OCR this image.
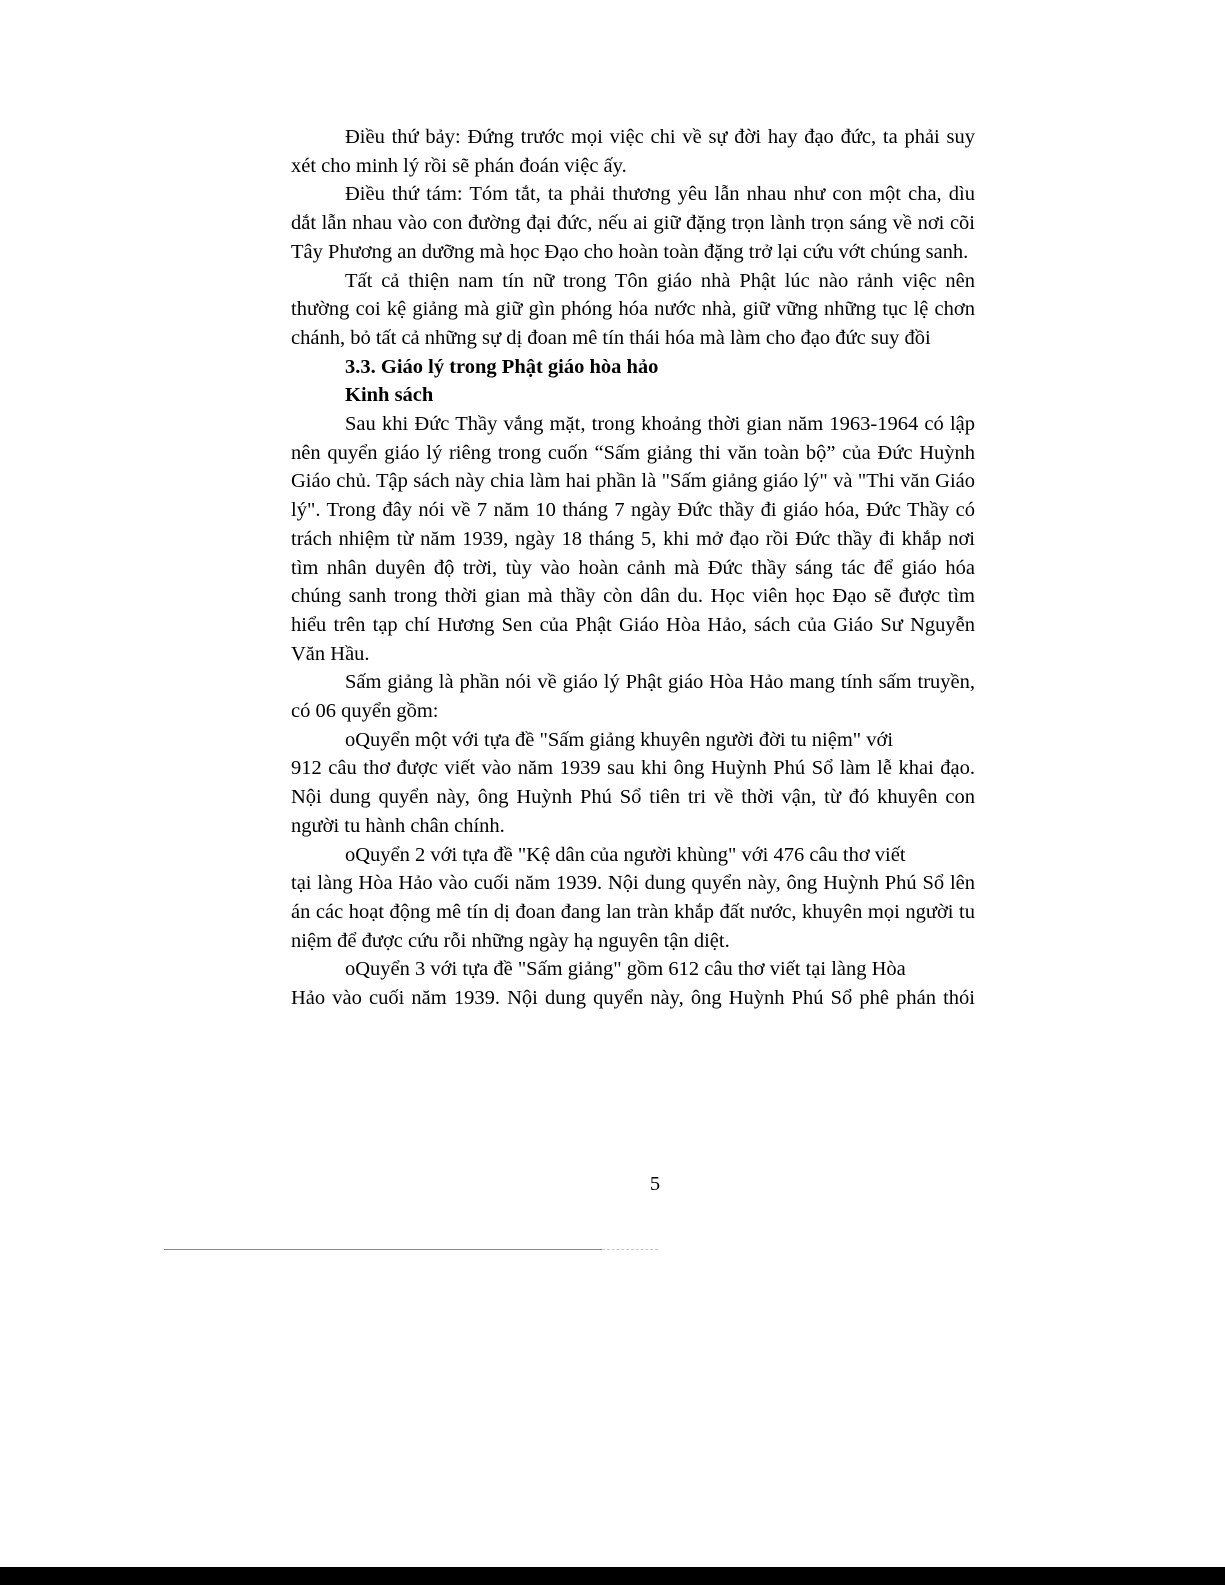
Điều thứ bảy: Đứng trước mọi việc chi về sự đời hay đạo đức, ta phải suy xét cho minh lý rồi sẽ phán đoán việc ấy.

Điều thứ tám: Tóm tắt, ta phải thương yêu lẫn nhau như con một cha, dìu dắt lẫn nhau vào con đường đại đức, nếu ai giữ đặng trọn lành trọn sáng về nơi cõi Tây Phương an dưỡng mà học Đạo cho hoàn toàn đặng trở lại cứu vớt chúng sanh.

Tất cả thiện nam tín nữ trong Tôn giáo nhà Phật lúc nào rảnh việc nên thường coi kệ giảng mà giữ gìn phóng hóa nước nhà, giữ vững những tục lệ chơn chánh, bỏ tất cả những sự dị đoan mê tín thái hóa mà làm cho đạo đức suy đồi

3.3. Giáo lý trong Phật giáo hòa hảo

Kinh sách

Sau khi Đức Thầy vắng mặt, trong khoảng thời gian năm 1963-1964 có lập nên quyển giáo lý riêng trong cuốn “Sấm giảng thi văn toàn bộ” của Đức Huỳnh Giáo chủ. Tập sách này chia làm hai phần là "Sấm giảng giáo lý" và "Thi văn Giáo lý". Trong đây nói về 7 năm 10 tháng 7 ngày Đức thầy đi giáo hóa, Đức Thầy có trách nhiệm từ năm 1939, ngày 18 tháng 5, khi mở đạo rồi Đức thầy đi khắp nơi tìm nhân duyên độ trời, tùy vào hoàn cảnh mà Đức thầy sáng tác để giáo hóa chúng sanh trong thời gian mà thầy còn dân du. Học viên học Đạo sẽ được tìm hiểu trên tạp chí Hương Sen của Phật Giáo Hòa Hảo, sách của Giáo Sư Nguyễn Văn Hầu.

Sấm giảng là phần nói về giáo lý Phật giáo Hòa Hảo mang tính sấm truyền, có 06 quyển gồm:

oQuyển một với tựa đề "Sấm giảng khuyên người đời tu niệm" với

912 câu thơ được viết vào năm 1939 sau khi ông Huỳnh Phú Sổ làm lễ khai đạo. Nội dung quyển này, ông Huỳnh Phú Sổ tiên tri về thời vận, từ đó khuyên con người tu hành chân chính.

oQuyển 2 với tựa đề "Kệ dân của người khùng" với 476 câu thơ viết

tại làng Hòa Hảo vào cuối năm 1939. Nội dung quyển này, ông Huỳnh Phú Sổ lên án các hoạt động mê tín dị đoan đang lan tràn khắp đất nước, khuyên mọi người tu niệm để được cứu rỗi những ngày hạ nguyên tận diệt.

oQuyển 3 với tựa đề "Sấm giảng" gồm 612 câu thơ viết tại làng Hòa

Hảo vào cuối năm 1939. Nội dung quyển này, ông Huỳnh Phú Sổ phê phán thói

5
